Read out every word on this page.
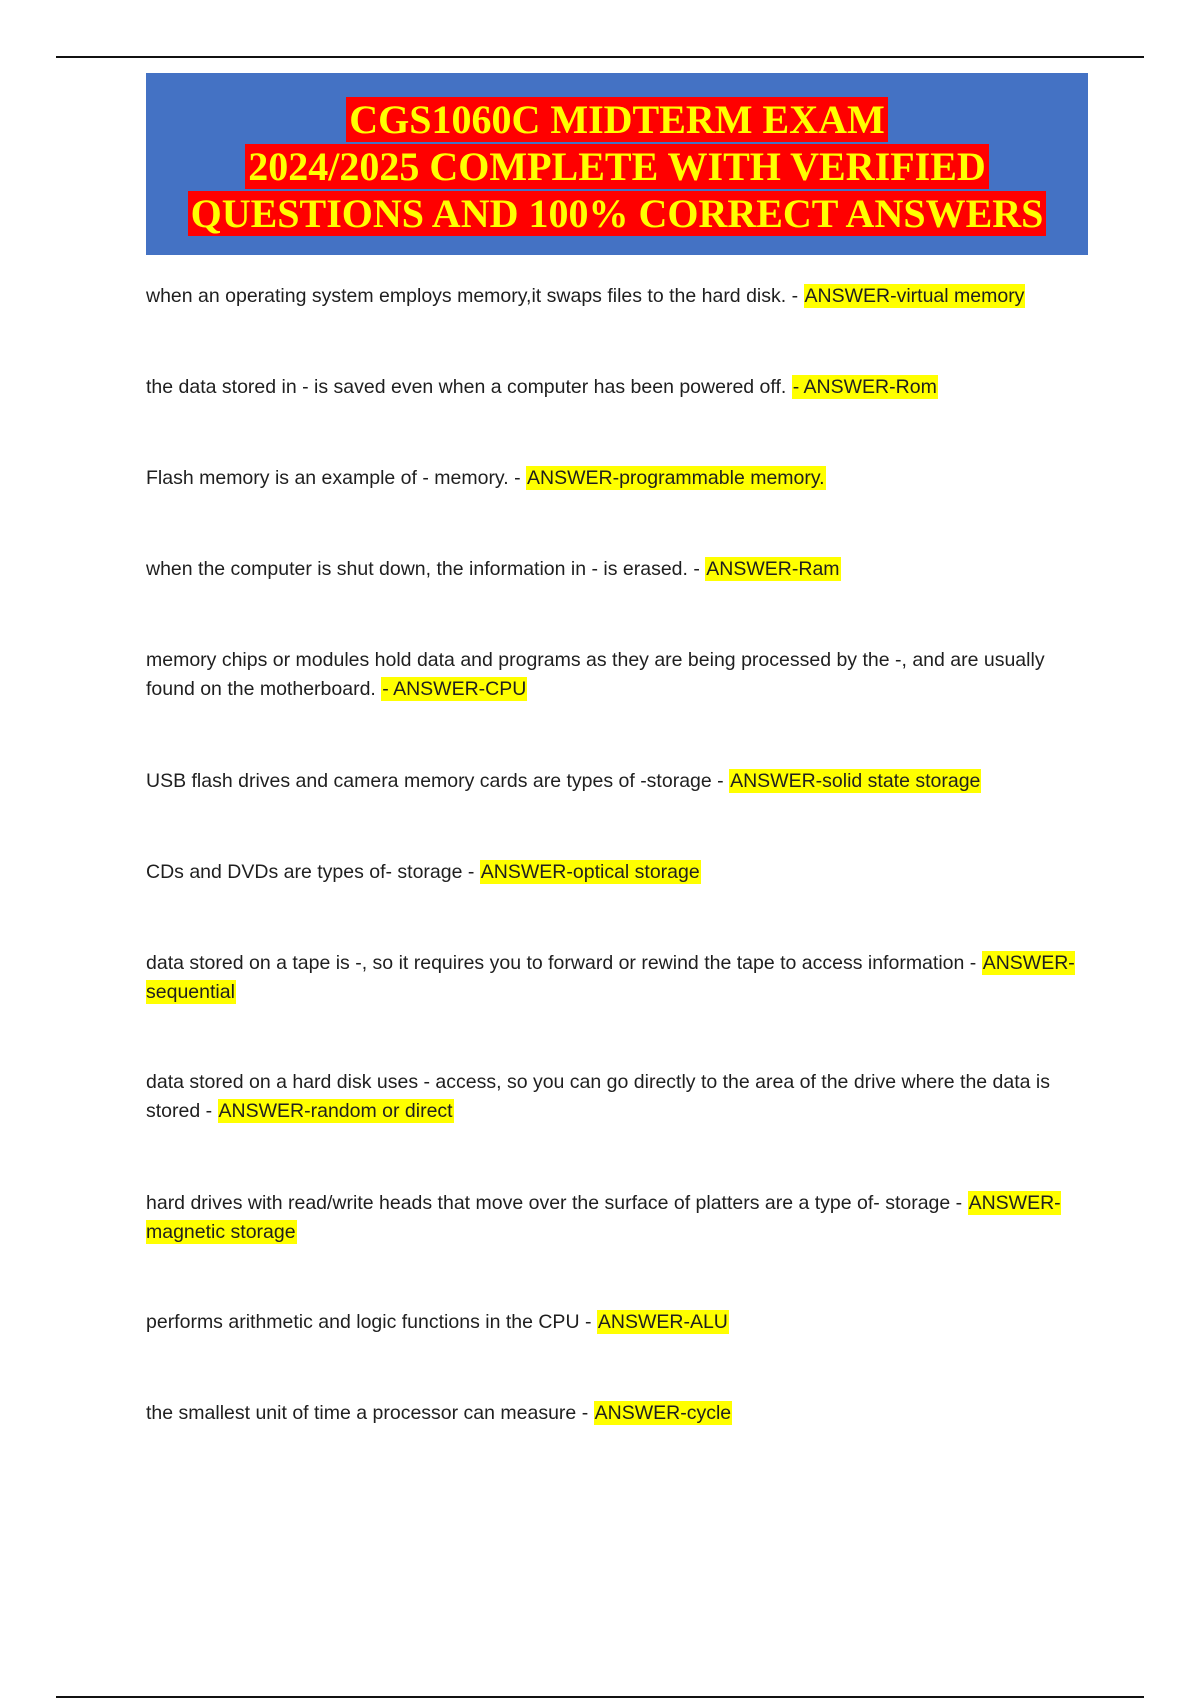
CGS1060C MIDTERM EXAM
2024/2025 COMPLETE WITH VERIFIED
QUESTIONS AND 100% CORRECT ANSWERS
when an operating system employs memory,it swaps files to the hard disk. - ANSWER-virtual memory
the data stored in - is saved even when a computer has been powered off. - ANSWER-Rom
Flash memory is an example of - memory. - ANSWER-programmable memory.
when the computer is shut down, the information in - is erased. - ANSWER-Ram
memory chips or modules hold data and programs as they are being processed by the -, and are usually found on the motherboard. - ANSWER-CPU
USB flash drives and camera memory cards are types of -storage - ANSWER-solid state storage
CDs and DVDs are types of- storage - ANSWER-optical storage
data stored on a tape is -, so it requires you to forward or rewind the tape to access information - ANSWER-sequential
data stored on a hard disk uses - access, so you can go directly to the area of the drive where the data is stored - ANSWER-random or direct
hard drives with read/write heads that move over the surface of platters are a type of- storage - ANSWER-magnetic storage
performs arithmetic and logic functions in the CPU - ANSWER-ALU
the smallest unit of time a processor can measure - ANSWER-cycle
